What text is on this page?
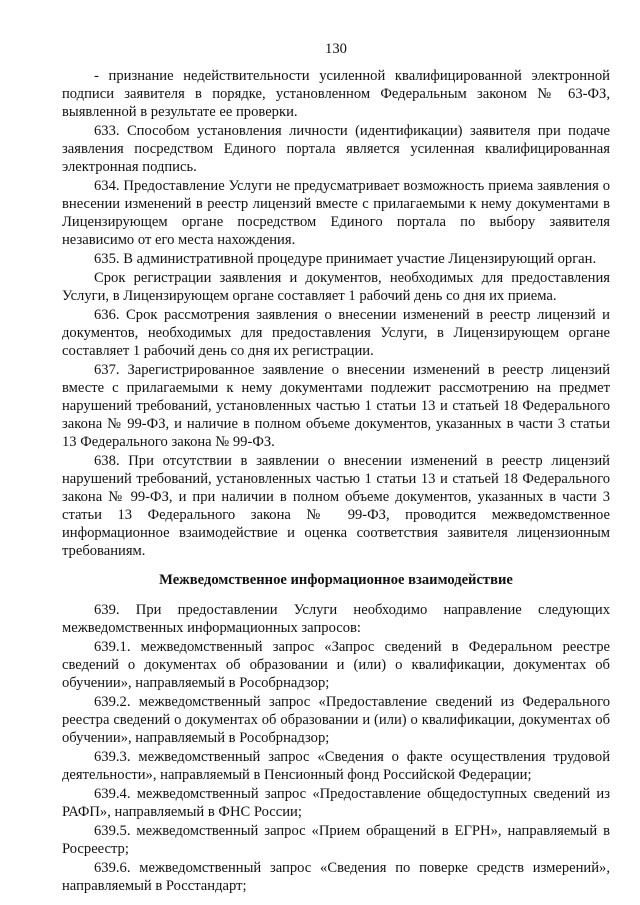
130

- признание недействительности усиленной квалифицированной электронной подписи заявителя в порядке, установленном Федеральным законом № 63-ФЗ, выявленной в результате ее проверки.

633. Способом установления личности (идентификации) заявителя при подаче заявления посредством Единого портала является усиленная квалифицированная электронная подпись.

634. Предоставление Услуги не предусматривает возможность приема заявления о внесении изменений в реестр лицензий вместе с прилагаемыми к нему документами в Лицензирующем органе посредством Единого портала по выбору заявителя независимо от его места нахождения.

635. В административной процедуре принимает участие Лицензирующий орган.

Срок регистрации заявления и документов, необходимых для предоставления Услуги, в Лицензирующем органе составляет 1 рабочий день со дня их приема.

636. Срок рассмотрения заявления о внесении изменений в реестр лицензий и документов, необходимых для предоставления Услуги, в Лицензирующем органе составляет 1 рабочий день со дня их регистрации.

637. Зарегистрированное заявление о внесении изменений в реестр лицензий вместе с прилагаемыми к нему документами подлежит рассмотрению на предмет нарушений требований, установленных частью 1 статьи 13 и статьей 18 Федерального закона № 99-ФЗ, и наличие в полном объеме документов, указанных в части 3 статьи 13 Федерального закона № 99-ФЗ.

638. При отсутствии в заявлении о внесении изменений в реестр лицензий нарушений требований, установленных частью 1 статьи 13 и статьей 18 Федерального закона № 99-ФЗ, и при наличии в полном объеме документов, указанных в части 3 статьи 13 Федерального закона № 99-ФЗ, проводится межведомственное информационное взаимодействие и оценка соответствия заявителя лицензионным требованиям.

Межведомственное информационное взаимодействие

639. При предоставлении Услуги необходимо направление следующих межведомственных информационных запросов:

639.1. межведомственный запрос «Запрос сведений в Федеральном реестре сведений о документах об образовании и (или) о квалификации, документах об обучении», направляемый в Рособрнадзор;

639.2. межведомственный запрос «Предоставление сведений из Федерального реестра сведений о документах об образовании и (или) о квалификации, документах об обучении», направляемый в Рособрнадзор;

639.3. межведомственный запрос «Сведения о факте осуществления трудовой деятельности», направляемый в Пенсионный фонд Российской Федерации;

639.4. межведомственный запрос «Предоставление общедоступных сведений из РАФП», направляемый в ФНС России;

639.5. межведомственный запрос «Прием обращений в ЕГРН», направляемый в Росреестр;

639.6. межведомственный запрос «Сведения по поверке средств измерений», направляемый в Росстандарт;
